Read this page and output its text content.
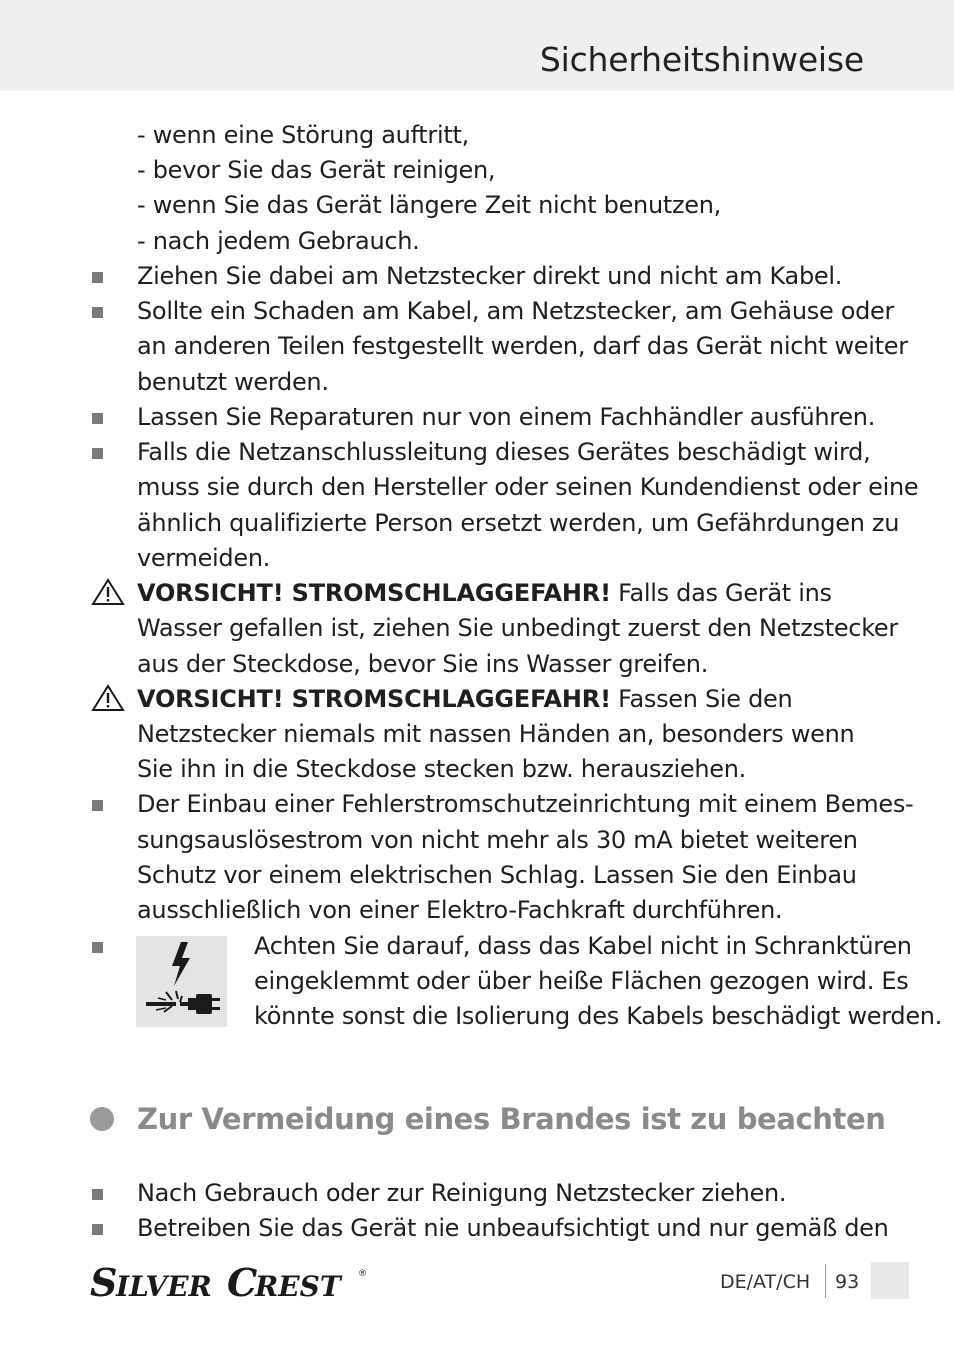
Sicherheitshinweise
- wenn eine Störung auftritt,
- bevor Sie das Gerät reinigen,
- wenn Sie das Gerät längere Zeit nicht benutzen,
- nach jedem Gebrauch.
Ziehen Sie dabei am Netzstecker direkt und nicht am Kabel.
Sollte ein Schaden am Kabel, am Netzstecker, am Gehäuse oder
an anderen Teilen festgestellt werden, darf das Gerät nicht weiter
benutzt werden.
Lassen Sie Reparaturen nur von einem Fachhändler ausführen.
Falls die Netzanschlussleitung dieses Gerätes beschädigt wird,
muss sie durch den Hersteller oder seinen Kundendienst oder eine
ähnlich qualifizierte Person ersetzt werden, um Gefährdungen zu
vermeiden.
VORSICHT! STROMSCHLAGGEFAHR! Falls das Gerät ins
Wasser gefallen ist, ziehen Sie unbedingt zuerst den Netzstecker
aus der Steckdose, bevor Sie ins Wasser greifen.
VORSICHT! STROMSCHLAGGEFAHR! Fassen Sie den
Netzstecker niemals mit nassen Händen an, besonders wenn
Sie ihn in die Steckdose stecken bzw. herausziehen.
Der Einbau einer Fehlerstromschutzeinrichtung mit einem Bemes-
sungsauslösestrom von nicht mehr als 30 mA bietet weiteren
Schutz vor einem elektrischen Schlag. Lassen Sie den Einbau
ausschließlich von einer Elektro-Fachkraft durchführen.
Achten Sie darauf, dass das Kabel nicht in Schranktüren
eingeklemmt oder über heiße Flächen gezogen wird. Es
könnte sonst die Isolierung des Kabels beschädigt werden.
Zur Vermeidung eines Brandes ist zu beachten
Nach Gebrauch oder zur Reinigung Netzstecker ziehen.
Betreiben Sie das Gerät nie unbeaufsichtigt und nur gemäß den
S
ILVER C
REST ®	DE/AT/CH 93
